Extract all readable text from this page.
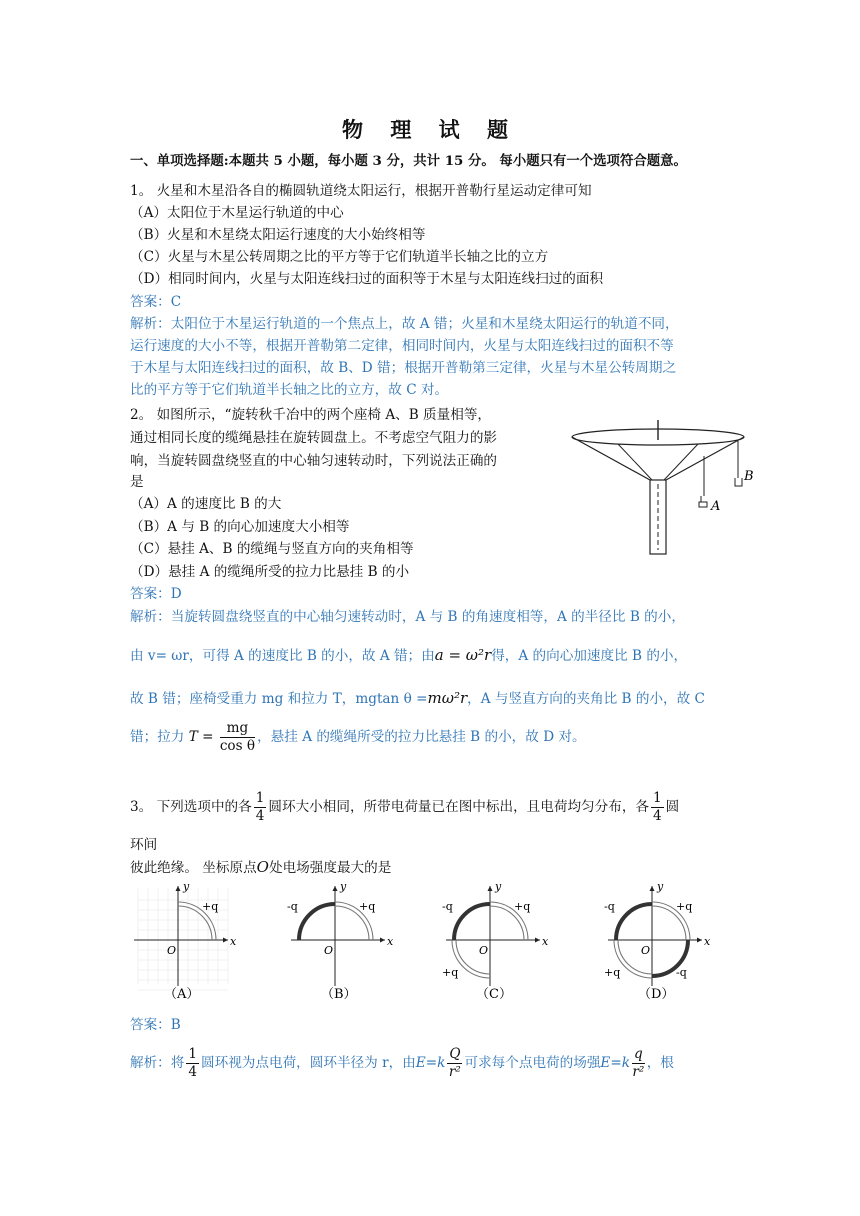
物 理 试 题
一、单项选择题:本题共 5 小题，每小题 3 分，共计 15 分。 每小题只有一个选项符合题意。
1。 火星和木星沿各自的椭圆轨道绕太阳运行，根据开普勒行星运动定律可知
（A）太阳位于木星运行轨道的中心
（B）火星和木星绕太阳运行速度的大小始终相等
（C）火星与木星公转周期之比的平方等于它们轨道半长轴之比的立方
（D）相同时间内，火星与太阳连线扫过的面积等于木星与太阳连线扫过的面积
答案：C
解析：太阳位于木星运行轨道的一个焦点上，故 A 错；火星和木星绕太阳运行的轨道不同，
运行速度的大小不等，根据开普勒第二定律，相同时间内，火星与太阳连线扫过的面积不等
于木星与太阳连线扫过的面积，故 B、D 错；根据开普勒第三定律，火星与木星公转周期之
比的平方等于它们轨道半长轴之比的立方，故 C 对。
2。 如图所示，“旋转秋千冶中的两个座椅 A、B 质量相等，
通过相同长度的缆绳悬挂在旋转圆盘上。不考虑空气阻力的影
响，当旋转圆盘绕竖直的中心轴匀速转动时，下列说法正确的
是
（A）A 的速度比 B 的大
（B）A 与 B 的向心加速度大小相等
（C）悬挂 A、B 的缆绳与竖直方向的夹角相等
（D）悬挂 A 的缆绳所受的拉力比悬挂 B 的小
A
B
答案：D
解析：当旋转圆盘绕竖直的中心轴匀速转动时，A 与 B 的角速度相等，A 的半径比 B 的小，
由 v= ωr，可得 A 的速度比 B 的小，故 A 错；由a = ω²r得，A 的向心加速度比 B 的小，
故 B 错；座椅受重力 mg 和拉力 T，mgtan θ =mω²r，A 与竖直方向的夹角比 B 的小，故 C
错；拉力 $T = \frac{mg}{\text{cos θ}}$ ，悬挂 A 的缆绳所受的拉力比悬挂 B 的小，故 D 对。
3。 下列选项中的各 $\frac{1}{4}$ 圆环大小相同，所带电荷量已在图中标出，且电荷均匀分布，各 $\frac{1}{4}$ 圆
环间
彼此绝缘。 坐标原点O处电场强度最大的是
x
y
O
+q
（A）
x
y
O
+q
-q
（B）
x
y
O
+q
-q
+q
（C）
x
y
O
+q
-q
+q	-q
（D）
答案：B
解析：将 $\frac{1}{4}$ 圆环视为点电荷，圆环半径为 r，由$E=k \frac{Q}{\text{r²}}$ 可求每个点电荷的场强$E=k \frac{q}{\text{r²}}$ ，根
